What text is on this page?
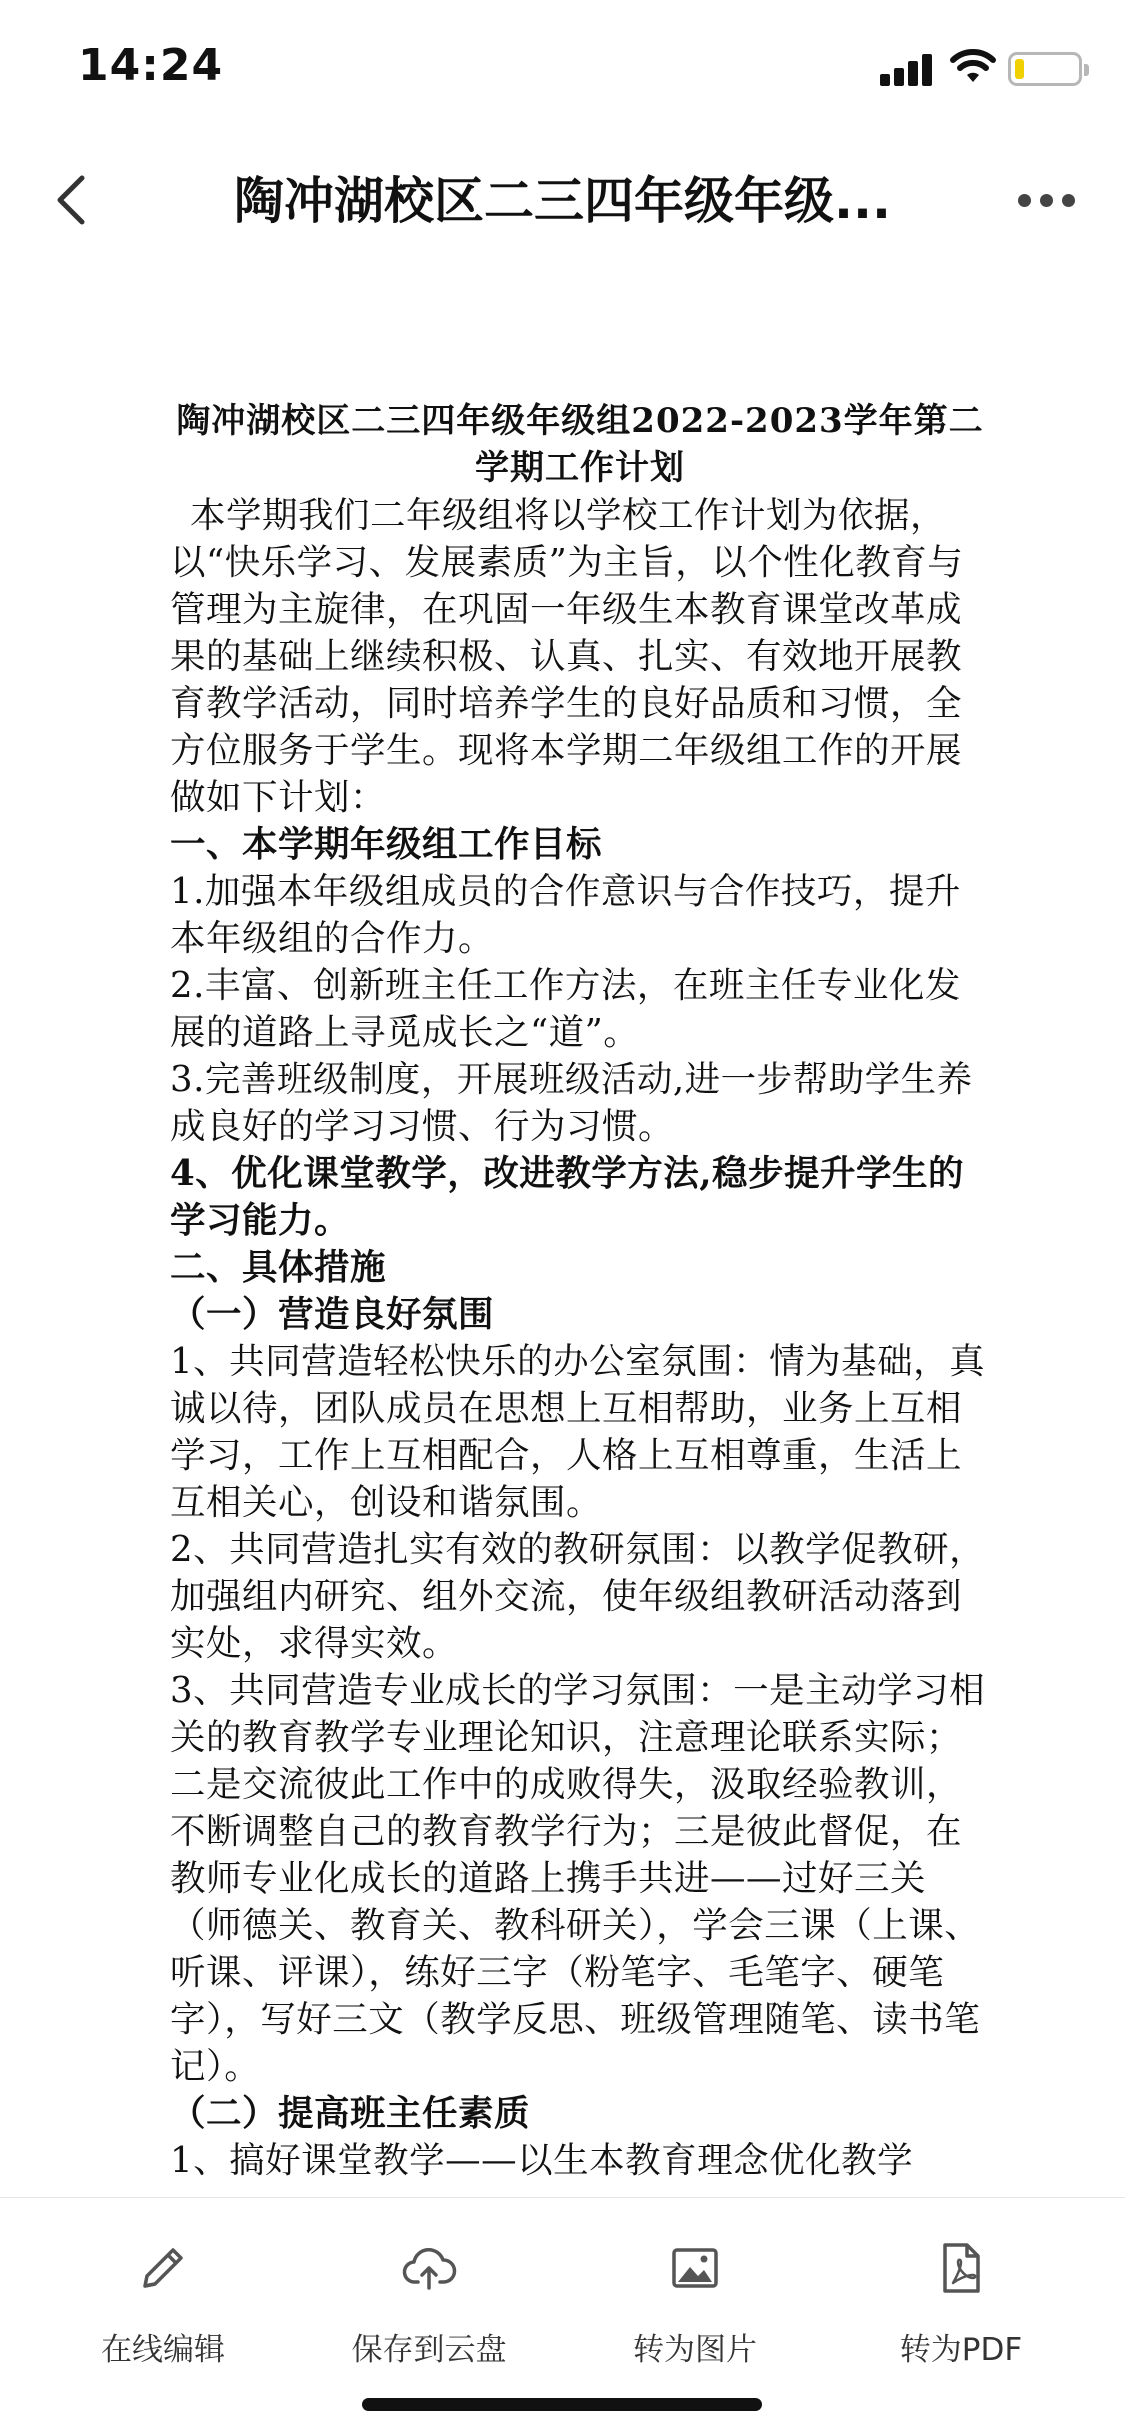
14:24
陶冲湖校区二三四年级年级...
陶冲湖校区二三四年级年级组2022-2023学年第二学期工作计划

本学期我们二年级组将以学校工作计划为依据，以“快乐学习、发展素质”为主旨，以个性化教育与管理为主旋律，在巩固一年级生本教育课堂改革成果的基础上继续积极、认真、扎实、有效地开展教育教学活动，同时培养学生的良好品质和习惯，全方位服务于学生。现将本学期二年级组工作的开展做如下计划：

一、本学期年级组工作目标

1.加强本年级组成员的合作意识与合作技巧，提升本年级组的合作力。

2.丰富、创新班主任工作方法，在班主任专业化发展的道路上寻觅成长之“道”。

3.完善班级制度，开展班级活动,进一步帮助学生养成良好的学习习惯、行为习惯。

4、优化课堂教学，改进教学方法,稳步提升学生的学习能力。

二、具体措施

（一）营造良好氛围

1、共同营造轻松快乐的办公室氛围：情为基础，真诚以待，团队成员在思想上互相帮助，业务上互相学习，工作上互相配合，人格上互相尊重，生活上互相关心，创设和谐氛围。

2、共同营造扎实有效的教研氛围：以教学促教研，加强组内研究、组外交流，使年级组教研活动落到实处，求得实效。

3、共同营造专业成长的学习氛围：一是主动学习相关的教育教学专业理论知识，注意理论联系实际；二是交流彼此工作中的成败得失，汲取经验教训，不断调整自己的教育教学行为；三是彼此督促，在教师专业化成长的道路上携手共进——过好三关（师德关、教育关、教科研关），学会三课（上课、听课、评课），练好三字（粉笔字、毛笔字、硬笔字），写好三文（教学反思、班级管理随笔、读书笔记）。

（二）提高班主任素质

1、搞好课堂教学——以生本教育理念优化教学

在线编辑	保存到云盘	转为图片	转为PDF
